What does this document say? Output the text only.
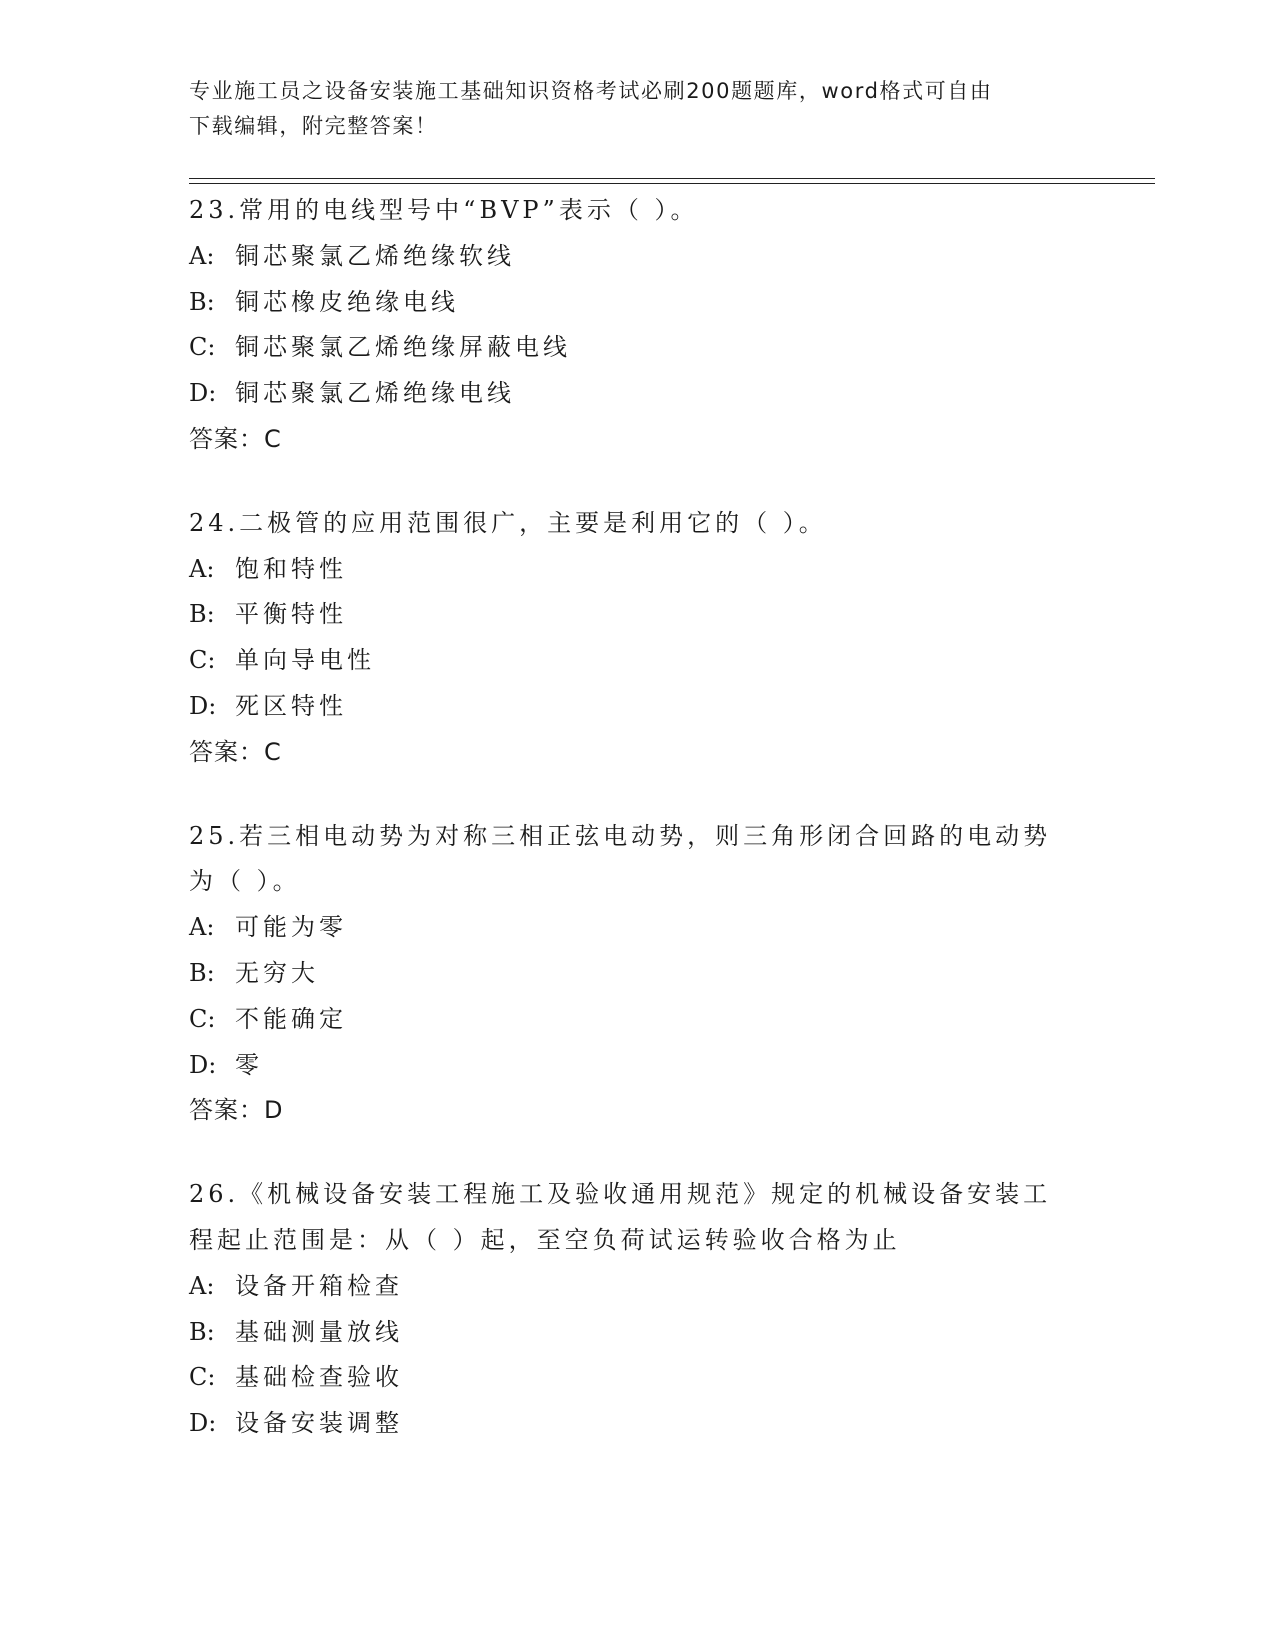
专业施工员之设备安装施工基础知识资格考试必刷200题题库，word格式可自由
下载编辑，附完整答案！
23.常用的电线型号中“BVP”表示（ ）。
A: 铜芯聚氯乙烯绝缘软线
B: 铜芯橡皮绝缘电线
C: 铜芯聚氯乙烯绝缘屏蔽电线
D: 铜芯聚氯乙烯绝缘电线
答案：C
24.二极管的应用范围很广，主要是利用它的（ ）。
A: 饱和特性
B: 平衡特性
C: 单向导电性
D: 死区特性
答案：C
25.若三相电动势为对称三相正弦电动势，则三角形闭合回路的电动势
为（ ）。
A: 可能为零
B: 无穷大
C: 不能确定
D: 零
答案：D
26.《机械设备安装工程施工及验收通用规范》规定的机械设备安装工
程起止范围是：从（ ）起，至空负荷试运转验收合格为止
A: 设备开箱检查
B: 基础测量放线
C: 基础检查验收
D: 设备安装调整
